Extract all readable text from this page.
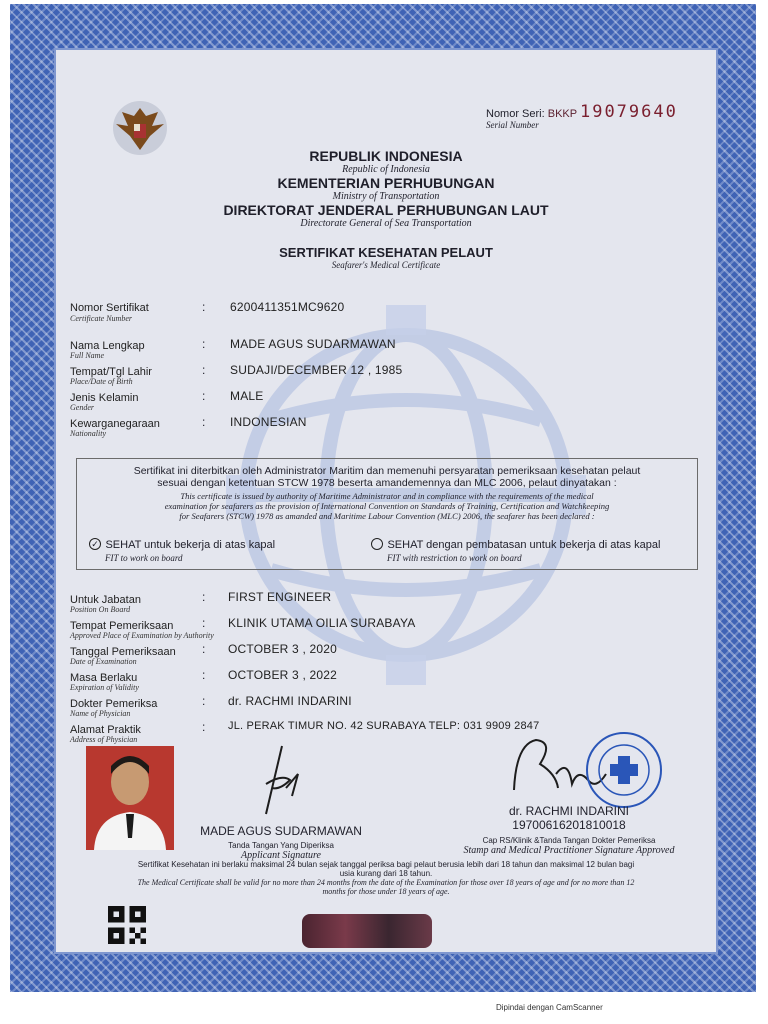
Nomor Seri: BKKP 19079640
Serial Number
REPUBLIK INDONESIA
Republic of Indonesia
KEMENTERIAN PERHUBUNGAN
Ministry of Transportation
DIREKTORAT JENDERAL PERHUBUNGAN LAUT
Directorate General of Sea Transportation
SERTIFIKAT KESEHATAN PELAUT
Seafarer's Medical Certificate
Nomor Sertifikat
Certificate Number
: 6200411351MC9620
Nama Lengkap
Full Name
: MADE AGUS SUDARMAWAN
Tempat/Tgl Lahir
Place/Date of Birth
: SUDAJI/DECEMBER 12 , 1985
Jenis Kelamin
Gender
: MALE
Kewarganegaraan
Nationality
: INDONESIAN
Sertifikat ini diterbitkan oleh Administrator Maritim dan memenuhi persyaratan pemeriksaan kesehatan pelaut
sesuai dengan ketentuan STCW 1978 beserta amandemennya dan MLC 2006, pelaut dinyatakan :
This certificate is issued by authority of Maritime Administrator and in compliance with the requirements of the medical
examination for seafarers as the provision of International Convention on Standards of Training, Certification and Watchkeeping
for Seafarers (STCW) 1978 as amanded and Maritime Labour Convention (MLC) 2006, the seafarer has been declared :
✓ SEHAT untuk bekerja di atas kapal
FIT to work on board
SEHAT dengan pembatasan untuk bekerja di atas kapal
FIT with restriction to work on board
Untuk Jabatan
Position On Board
: FIRST ENGINEER
Tempat Pemeriksaan
Approved Place of Examination by Authority
: KLINIK UTAMA OILIA SURABAYA
Tanggal Pemeriksaan
Date of Examination
: OCTOBER 3 , 2020
Masa Berlaku
Expiration of Validity
: OCTOBER 3 , 2022
Dokter Pemeriksa
Name of Physician
: dr. RACHMI INDARINI
Alamat Praktik
Address of Physician
: JL. PERAK TIMUR NO. 42 SURABAYA TELP: 031 9909 2847
MADE AGUS SUDARMAWAN
Tanda Tangan Yang Diperiksa
Applicant Signature
dr. RACHMI INDARINI
19700616201810018
Cap RS/Klinik &Tanda Tangan Dokter Pemeriksa
Stamp and Medical Practitioner Signature Approved
Sertifikat Kesehatan ini berlaku maksimal 24 bulan sejak tanggal periksa bagi pelaut berusia lebih dari 18 tahun dan maksimal 12 bulan bagi
usia kurang dari 18 tahun.
The Medical Certificate shall be valid for no more than 24 months from the date of the Examination for those over 18 years of age and for no more than 12
months for those under 18 years of age.
Dipindai dengan CamScanner
